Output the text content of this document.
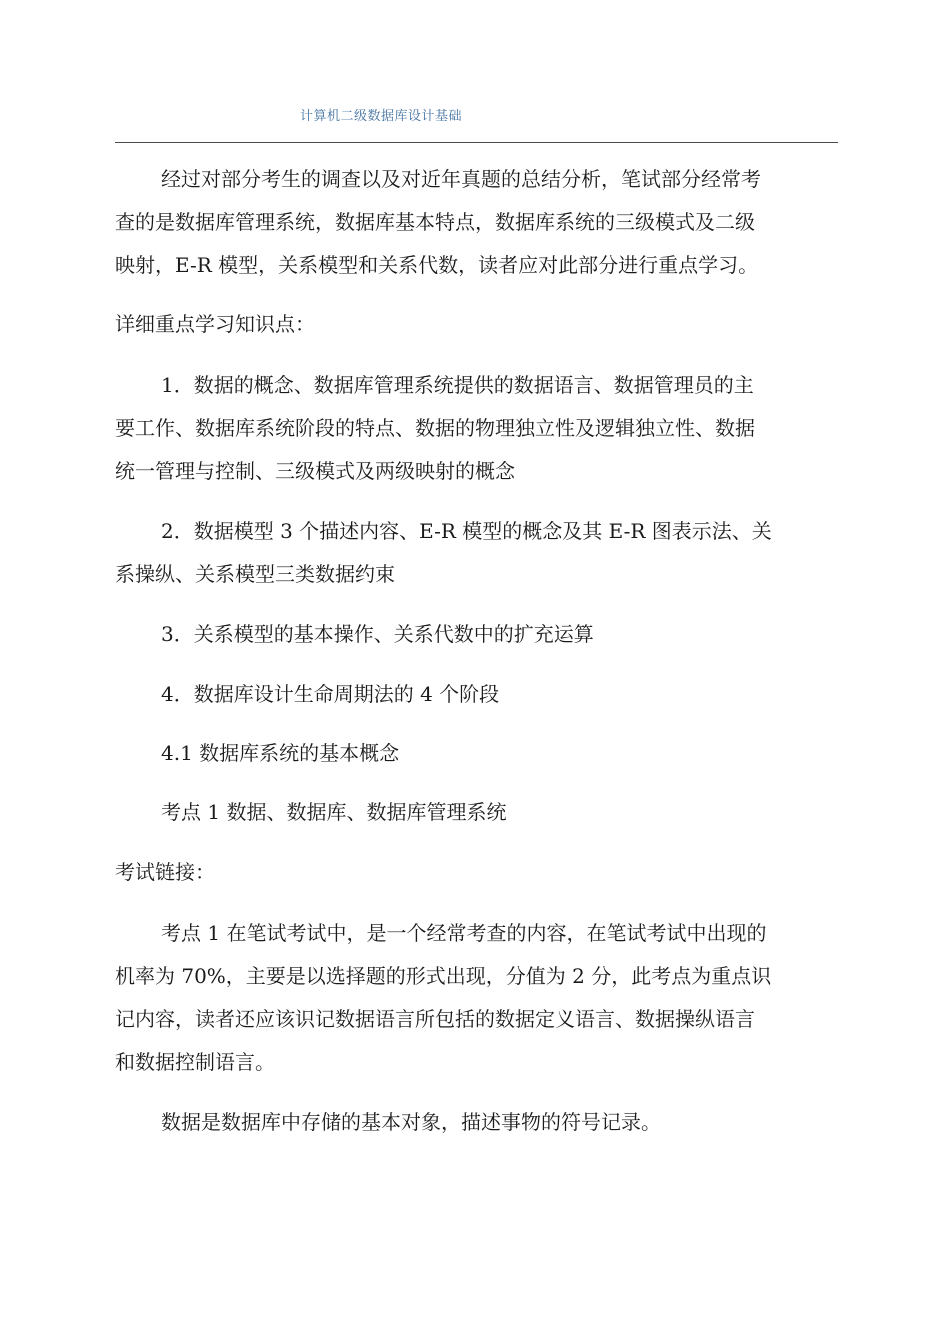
计算机二级数据库设计基础
经过对部分考生的调查以及对近年真题的总结分析，笔试部分经常考
查的是数据库管理系统，数据库基本特点，数据库系统的三级模式及二级
映射，E-R 模型，关系模型和关系代数，读者应对此部分进行重点学习。
详细重点学习知识点：
1．数据的概念、数据库管理系统提供的数据语言、数据管理员的主
要工作、数据库系统阶段的特点、数据的物理独立性及逻辑独立性、数据
统一管理与控制、三级模式及两级映射的概念
2．数据模型 3 个描述内容、E-R 模型的概念及其 E-R 图表示法、关
系操纵、关系模型三类数据约束
3．关系模型的基本操作、关系代数中的扩充运算
4．数据库设计生命周期法的 4 个阶段
4.1 数据库系统的基本概念
考点 1 数据、数据库、数据库管理系统
考试链接：
考点 1 在笔试考试中，是一个经常考查的内容，在笔试考试中出现的
机率为 70%，主要是以选择题的形式出现，分值为 2 分，此考点为重点识
记内容，读者还应该识记数据语言所包括的数据定义语言、数据操纵语言
和数据控制语言。
数据是数据库中存储的基本对象，描述事物的符号记录。
